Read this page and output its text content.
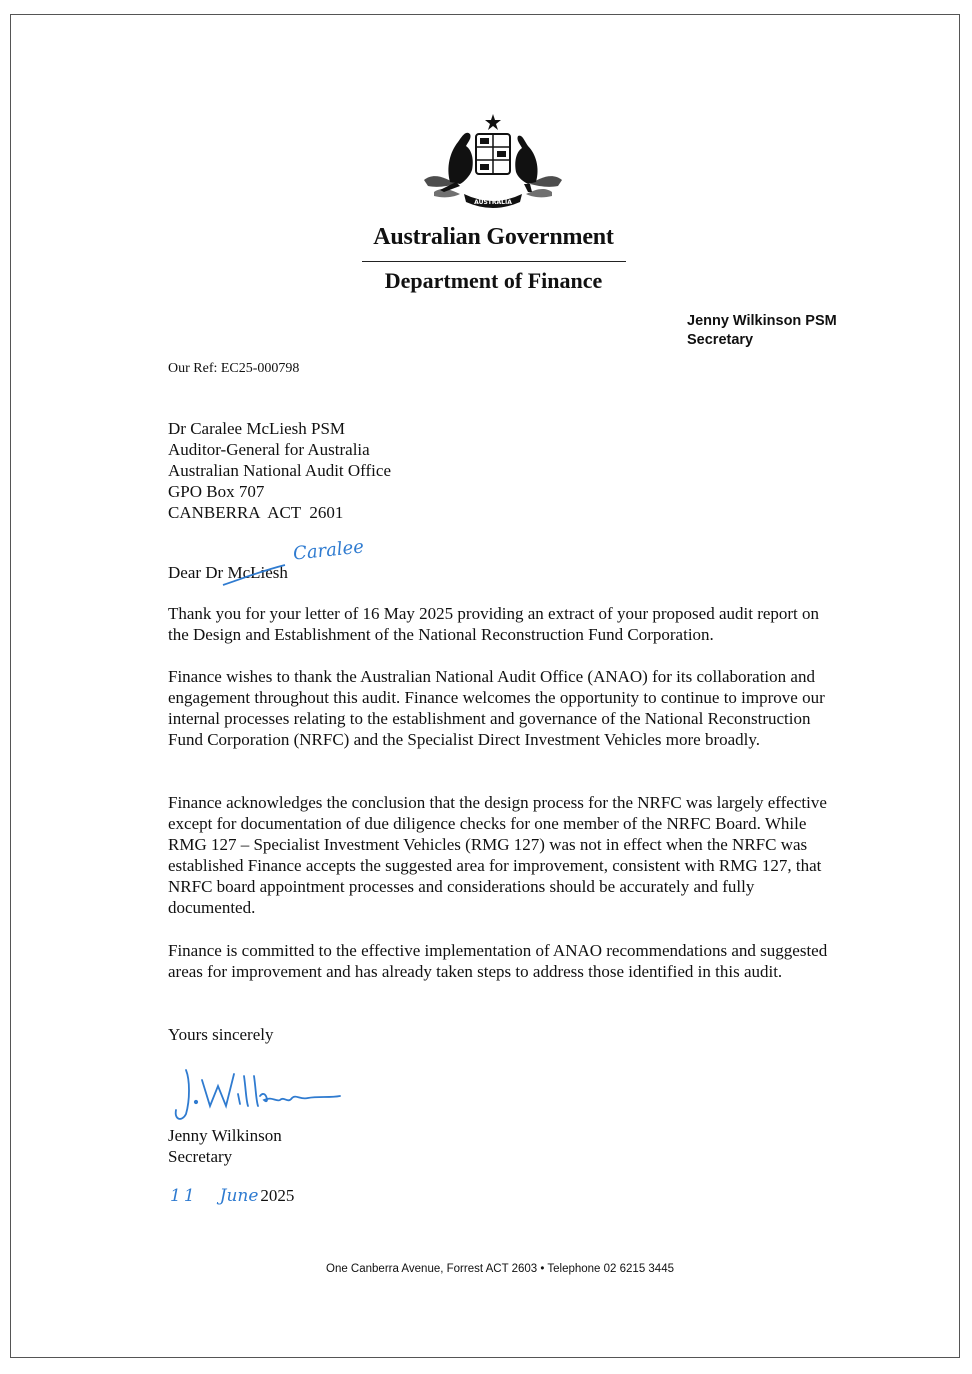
AUSTRALIA
Australian Government
Department of Finance
Jenny Wilkinson PSM
Secretary
Our Ref: EC25-000798
Dr Caralee McLiesh PSM
Auditor-General for Australia
Australian National Audit Office
GPO Box 707
CANBERRA  ACT  2601
Dear Dr McLiesh
Caralee

Thank you for your letter of 16 May 2025 providing an extract of your proposed audit report on the Design and Establishment of the National Reconstruction Fund Corporation.

Finance wishes to thank the Australian National Audit Office (ANAO) for its collaboration and engagement throughout this audit. Finance welcomes the opportunity to continue to improve our internal processes relating to the establishment and governance of the National Reconstruction Fund Corporation (NRFC) and the Specialist Direct Investment Vehicles more broadly.

Finance acknowledges the conclusion that the design process for the NRFC was largely effective except for documentation of due diligence checks for one member of the NRFC Board. While RMG 127 – Specialist Investment Vehicles (RMG 127) was not in effect when the NRFC was established Finance accepts the suggested area for improvement, consistent with RMG 127, that NRFC board appointment processes and considerations should be accurately and fully documented.

Finance is committed to the effective implementation of ANAO recommendations and suggested areas for improvement and has already taken steps to address those identified in this audit.

Yours sincerely
Jenny Wilkinson
Secretary
11 June 2025
One Canberra Avenue, Forrest ACT 2603 • Telephone 02 6215 3445
